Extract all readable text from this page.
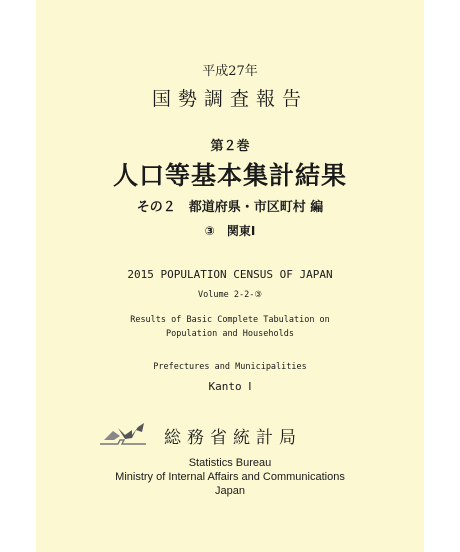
平成27年
国勢調査報告
第２巻
人口等基本集計結果
その２　都道府県・市区町村 編
③　関東Ⅰ
2015 POPULATION CENSUS OF JAPAN
Volume 2-2-③
Results of Basic Complete Tabulation on
Population and Households
Prefectures and Municipalities
Kanto Ⅰ
総務省統計局
Statistics Bureau
Ministry of Internal Affairs and Communications
Japan
